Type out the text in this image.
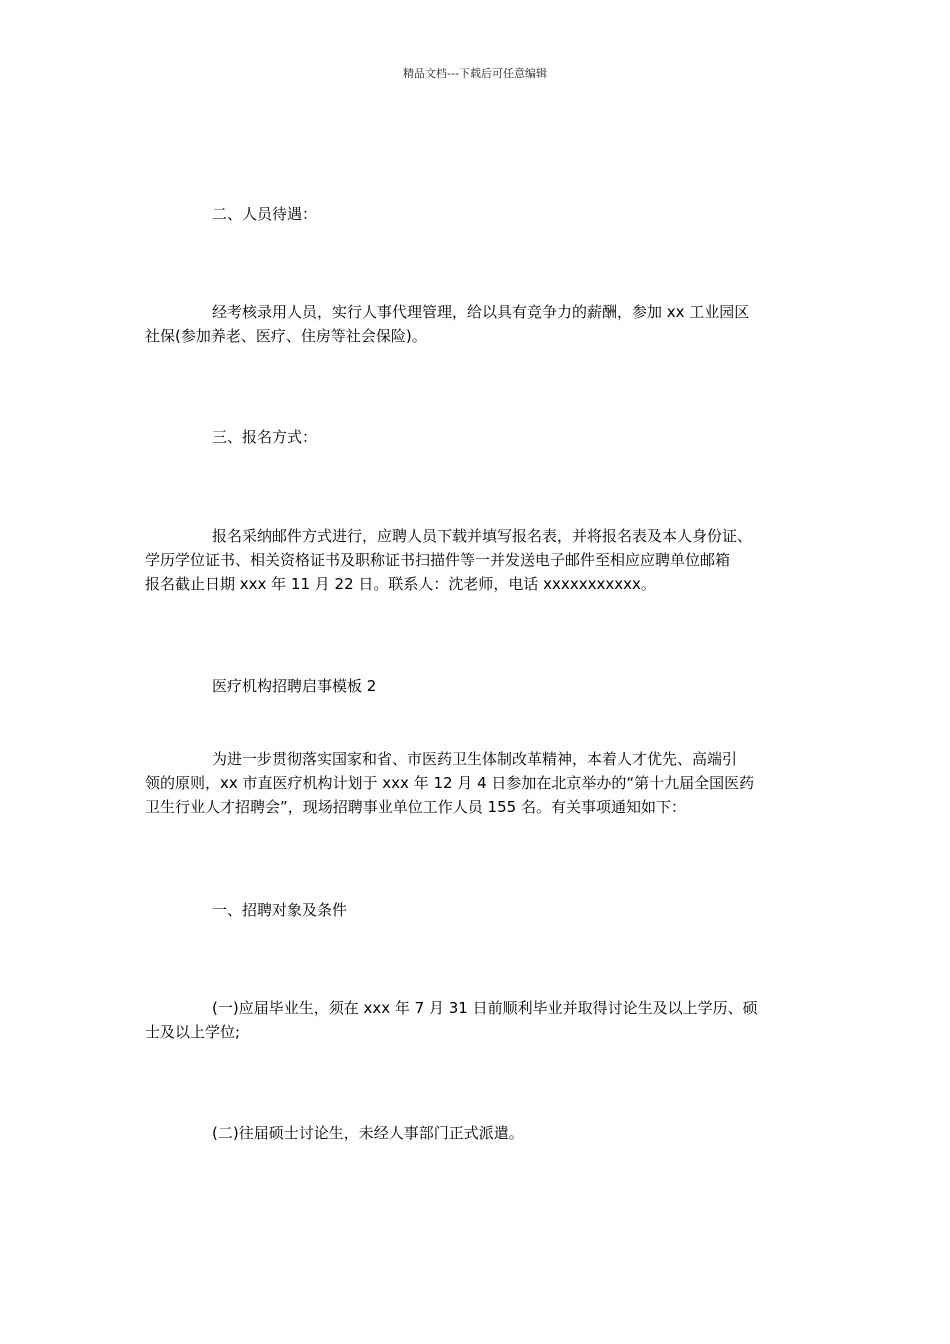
精品文档---下载后可任意编辑
二、人员待遇：
经考核录用人员，实行人事代理管理，给以具有竞争力的薪酬，参加 xx 工业园区
社保(参加养老、医疗、住房等社会保险)。
三、报名方式：
报名采纳邮件方式进行，应聘人员下载并填写报名表，并将报名表及本人身份证、
学历学位证书、相关资格证书及职称证书扫描件等一并发送电子邮件至相应应聘单位邮箱
报名截止日期 xxx 年 11 月 22 日。联系人：沈老师，电话 xxxxxxxxxxx。
医疗机构招聘启事模板 2
为进一步贯彻落实国家和省、市医药卫生体制改革精神，本着人才优先、高端引
领的原则，xx 市直医疗机构计划于 xxx 年 12 月 4 日参加在北京举办的“第十九届全国医药
卫生行业人才招聘会”，现场招聘事业单位工作人员 155 名。有关事项通知如下：
一、招聘对象及条件
(一)应届毕业生，须在 xxx 年 7 月 31 日前顺利毕业并取得讨论生及以上学历、硕
士及以上学位;
(二)往届硕士讨论生，未经人事部门正式派遣。
